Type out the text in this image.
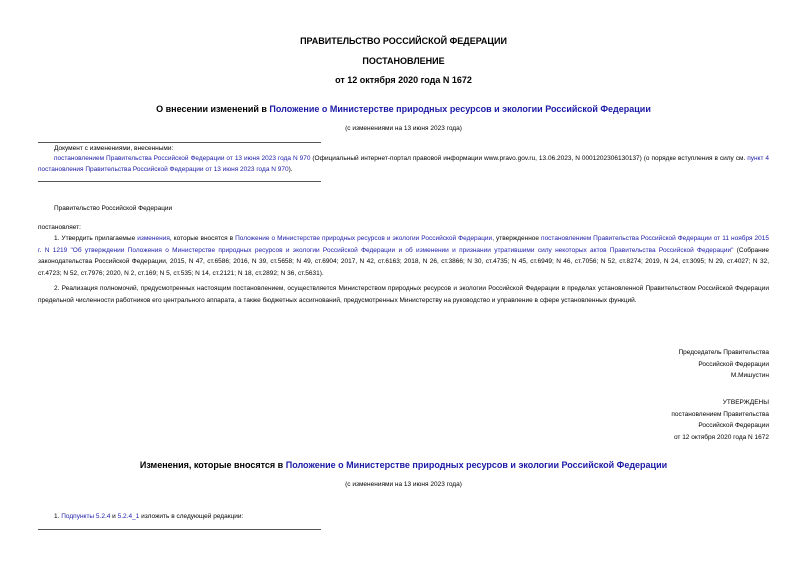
ПРАВИТЕЛЬСТВО РОССИЙСКОЙ ФЕДЕРАЦИИ
ПОСТАНОВЛЕНИЕ
от 12 октября 2020 года N 1672
О внесении изменений в Положение о Министерстве природных ресурсов и экологии Российской Федерации
(с изменениями на 13 июня 2023 года)
Документ с изменениями, внесенными:
постановлением Правительства Российской Федерации от 13 июня 2023 года N 970 (Официальный интернет-портал правовой информации www.pravo.gov.ru, 13.06.2023, N 0001202306130137) (о порядке вступления в силу см. пункт 4 постановления Правительства Российской Федерации от 13 июня 2023 года N 970).
Правительство Российской Федерации
постановляет:
1. Утвердить прилагаемые изменения, которые вносятся в Положение о Министерстве природных ресурсов и экологии Российской Федерации, утвержденное постановлением Правительства Российской Федерации от 11 ноября 2015 г. N 1219 "Об утверждении Положения о Министерстве природных ресурсов и экологии Российской Федерации и об изменении и признании утратившими силу некоторых актов Правительства Российской Федерации" (Собрание законодательства Российской Федерации, 2015, N 47, ст.6586; 2016, N 39, ст.5658; N 49, ст.6904; 2017, N 42, ст.6163; 2018, N 26, ст.3866; N 30, ст.4735; N 45, ст.6949; N 46, ст.7056; N 52, ст.8274; 2019, N 24, ст.3095; N 29, ст.4027; N 32, ст.4723; N 52, ст.7976; 2020, N 2, ст.169; N 5, ст.535; N 14, ст.2121; N 18, ст.2892; N 36, ст.5631).
2. Реализация полномочий, предусмотренных настоящим постановлением, осуществляется Министерством природных ресурсов и экологии Российской Федерации в пределах установленной Правительством Российской Федерации предельной численности работников его центрального аппарата, а также бюджетных ассигнований, предусмотренных Министерству на руководство и управление в сфере установленных функций.
Председатель Правительства
Российской Федерации
М.Мишустин
УТВЕРЖДЕНЫ
постановлением Правительства
Российской Федерации
от 12 октября 2020 года N 1672
Изменения, которые вносятся в Положение о Министерстве природных ресурсов и экологии Российской Федерации
(с изменениями на 13 июня 2023 года)
1. Подпункты 5.2.4 и 5.2.4_1 изложить в следующей редакции:
